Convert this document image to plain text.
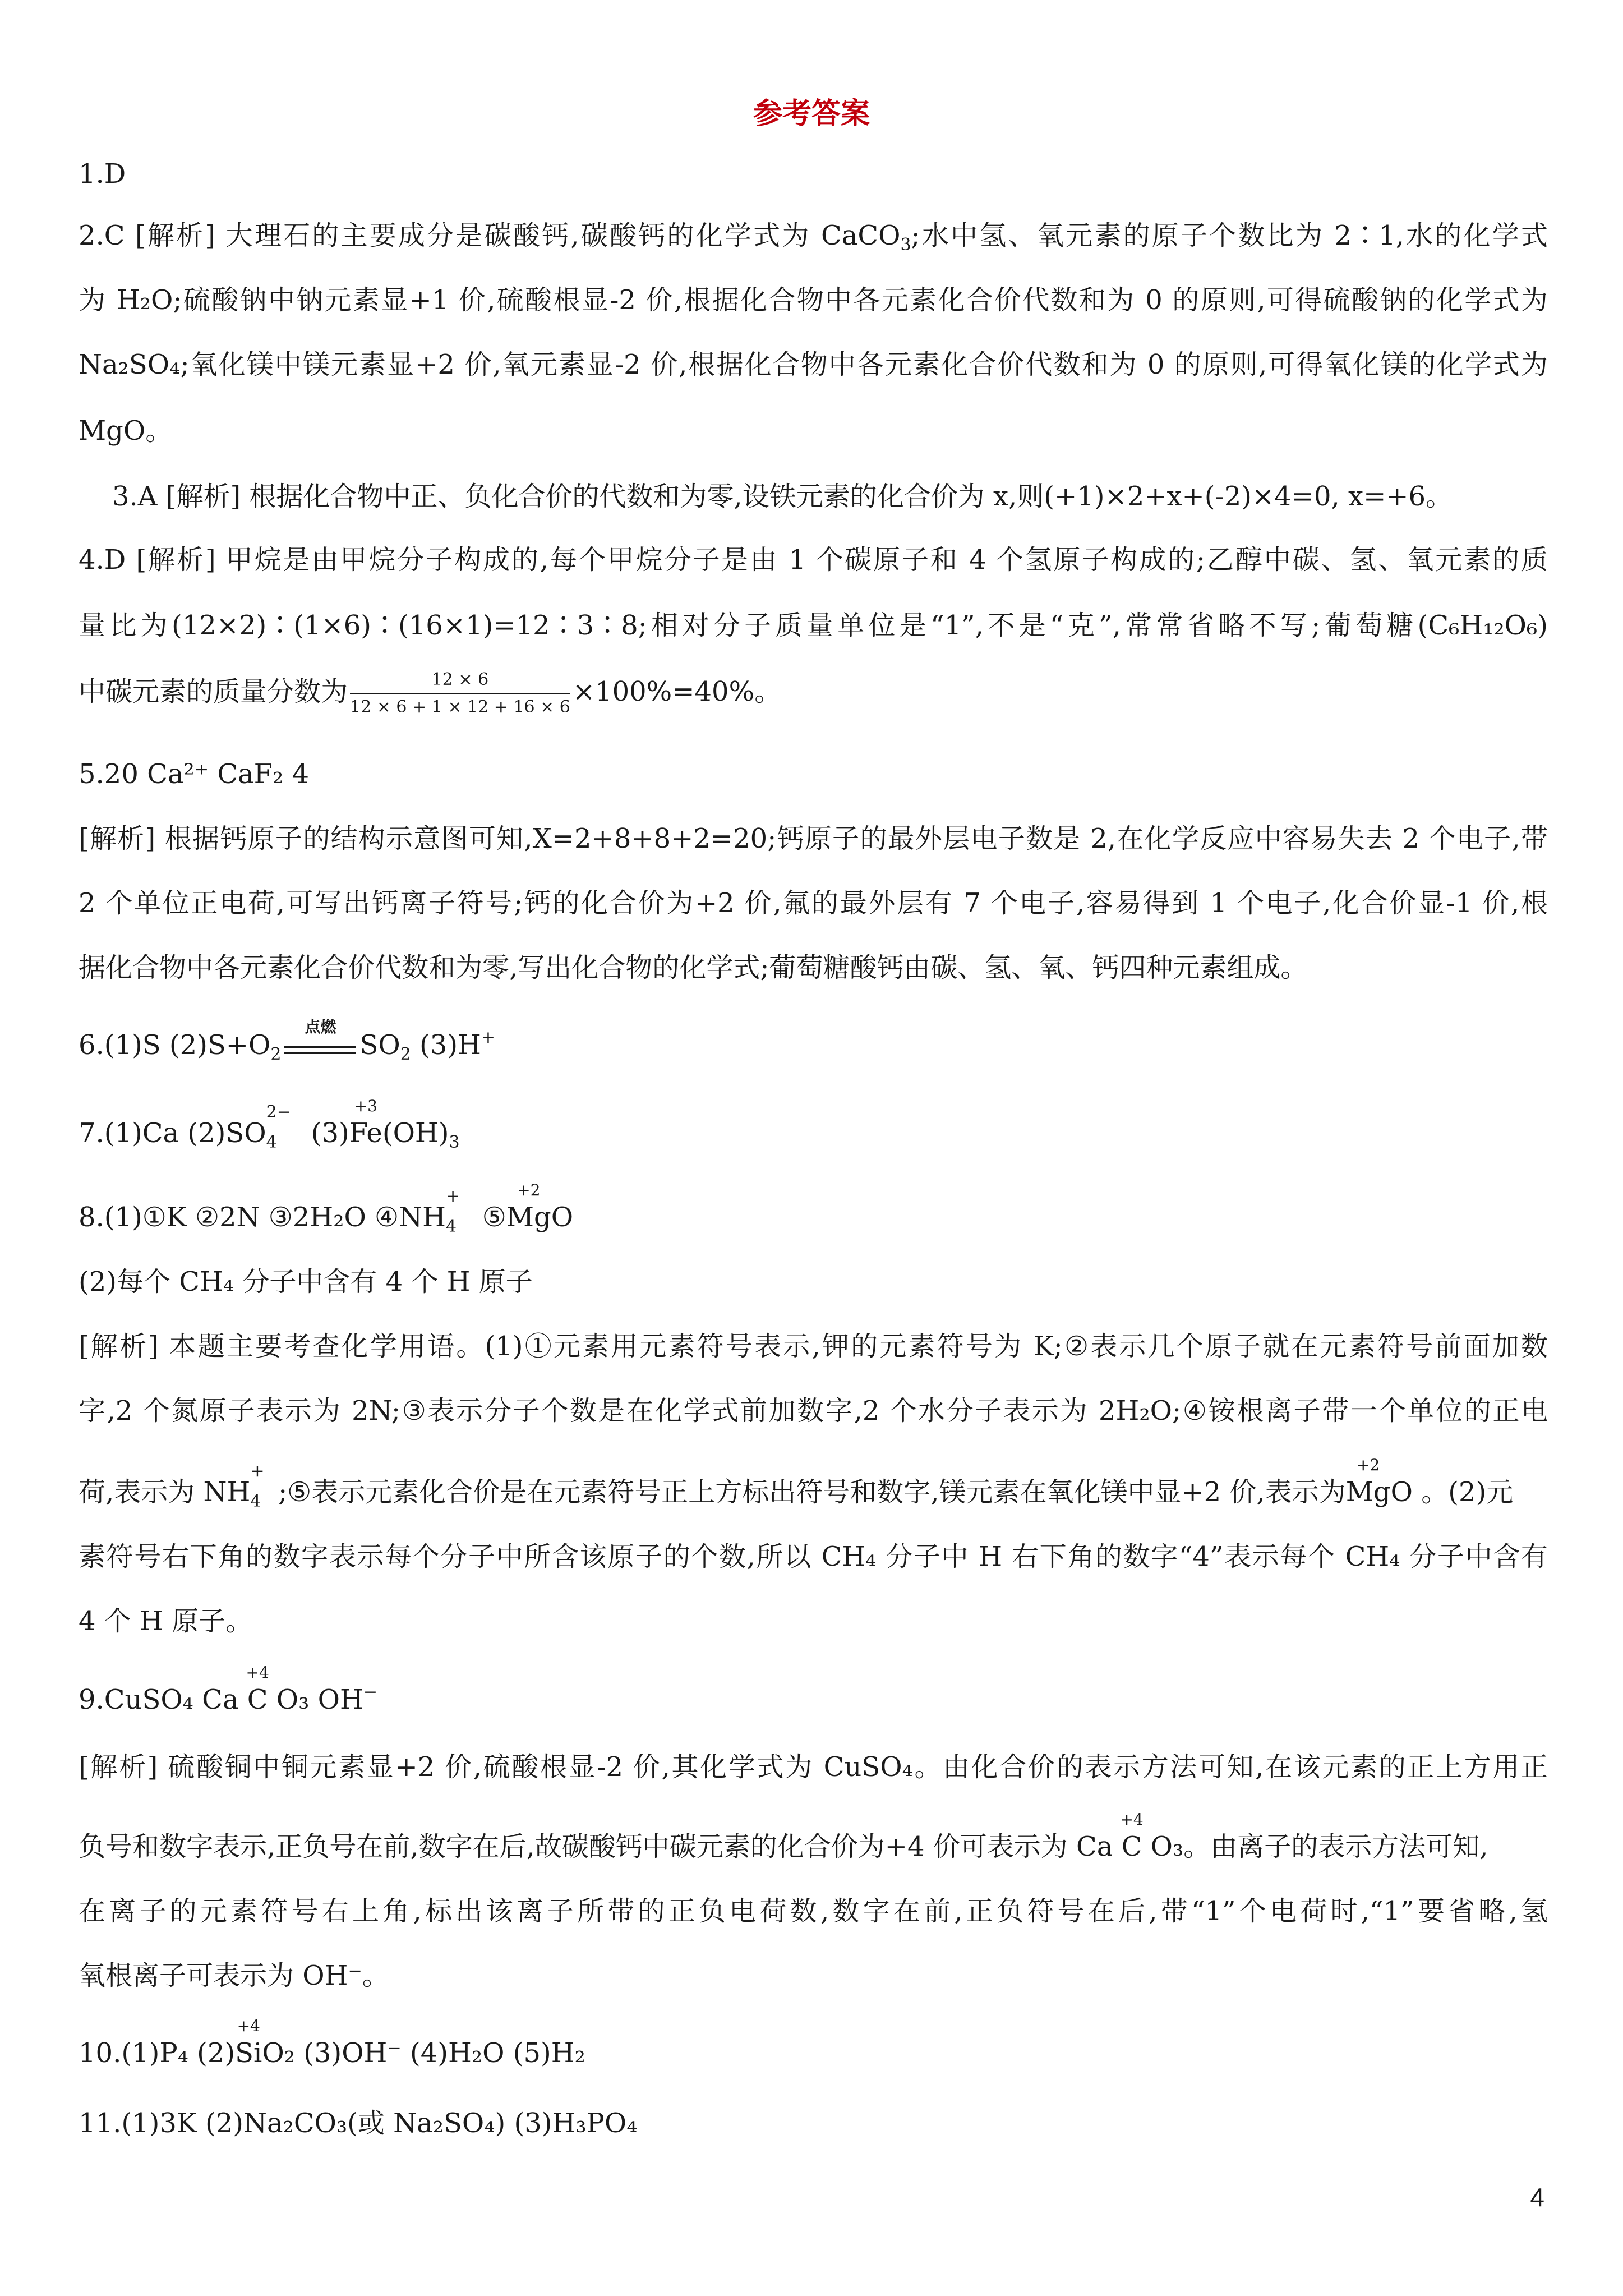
参考答案
1.D
2.C [解析] 大理石的主要成分是碳酸钙,碳酸钙的化学式为 CaCO$_3$;水中氢、氧元素的原子个数比为 2∶1,水的化学式
为 H₂O;硫酸钠中钠元素显+1 价,硫酸根显-2 价,根据化合物中各元素化合价代数和为 0 的原则,可得硫酸钠的化学式为
Na₂SO₄;氧化镁中镁元素显+2 价,氧元素显-2 价,根据化合物中各元素化合价代数和为 0 的原则,可得氧化镁的化学式为
MgO。
3.A [解析] 根据化合物中正、负化合价的代数和为零,设铁元素的化合价为 x,则(+1)×2+x+(-2)×4=0, x=+6。
4.D [解析] 甲烷是由甲烷分子构成的,每个甲烷分子是由 1 个碳原子和 4 个氢原子构成的;乙醇中碳、氢、氧元素的质
量比为(12×2)∶(1×6)∶(16×1)=12∶3∶8;相对分子质量单位是“1”,不是“克”,常常省略不写;葡萄糖(C₆H₁₂O₆)
中碳元素的质量分数为 $\frac{12 \times 6}{12 \times 6 + 1 \times 12 + 16 \times 6} \times 100\%=40\%$。
5.20 Ca²⁺ CaF₂ 4
[解析] 根据钙原子的结构示意图可知,X=2+8+8+2=20;钙原子的最外层电子数是 2,在化学反应中容易失去 2 个电子,带
2 个单位正电荷,可写出钙离子符号;钙的化合价为+2 价,氟的最外层有 7 个电子,容易得到 1 个电子,化合价显-1 价,根
据化合物中各元素化合价代数和为零,写出化合物的化学式;葡萄糖酸钙由碳、氢、氧、钙四种元素组成。
6.(1)S $(2)S+O_2$
点燃
$SO_2$ (3)H+
7.(1)Ca $(2)SO_4$
2−
(3)
+3
$Fe(OH)_3$
8.(1)①K ②2N ③2H₂O $④NH_4$
+
⑤
+2
MgO
(2)每个 CH₄ 分子中含有 4 个 H 原子
[解析] 本题主要考查化学用语。(1)①元素用元素符号表示,钾的元素符号为 K;②表示几个原子就在元素符号前面加数
字,2 个氮原子表示为 2N;③表示分子个数是在化学式前加数字,2 个水分子表示为 2H₂O;④铵根离子带一个单位的正电
荷,表示为 $NH_4$
+
;⑤表示元素化合价是在元素符号正上方标出符号和数字,镁元素在氧化镁中显+2 价,表示为
+2
MgO 。(2)元
素符号右下角的数字表示每个分子中所含该原子的个数,所以 CH₄ 分子中 H 右下角的数字“4”表示每个 CH₄ 分子中含有
4 个 H 原子。
9.CuSO₄ Ca
+4
C O₃ OH−
[解析] 硫酸铜中铜元素显+2 价,硫酸根显-2 价,其化学式为 CuSO₄。由化合价的表示方法可知,在该元素的正上方用正
负号和数字表示,正负号在前,数字在后,故碳酸钙中碳元素的化合价为+4 价可表示为 Ca
+4
C O₃。由离子的表示方法可知,
在离子的元素符号右上角,标出该离子所带的正负电荷数,数字在前,正负符号在后,带“1”个电荷时,“1”要省略,氢
氧根离子可表示为 OH⁻。
10.(1)P₄ (2)
+4
SiO₂ (3)OH⁻ (4)H₂O (5)H₂
11.(1)3K (2)Na₂CO₃(或 Na₂SO₄) (3)H₃PO₄
4
